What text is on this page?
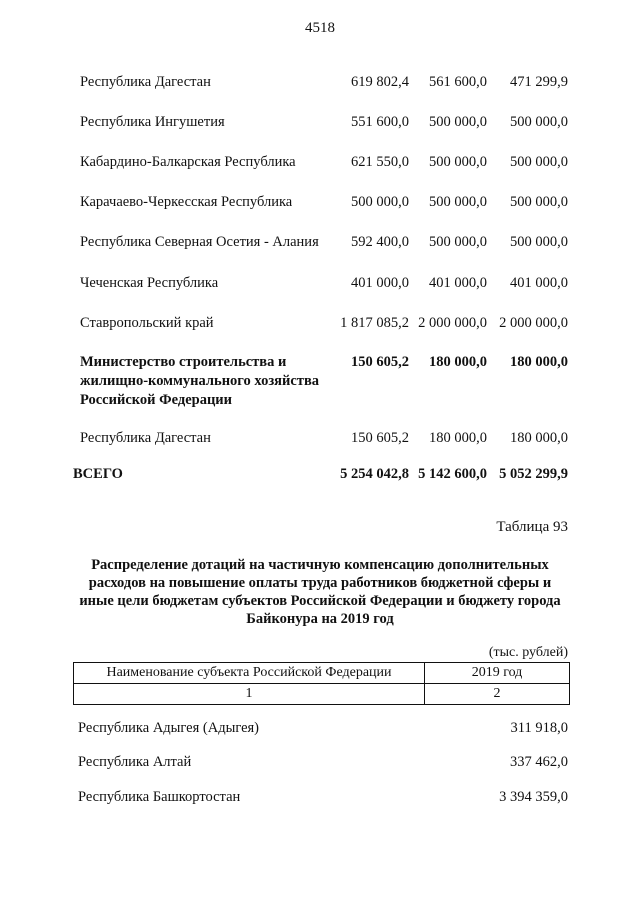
4518
Республика Дагестан	619 802,4 561 600,0 471 299,9
Республика Ингушетия	551 600,0 500 000,0 500 000,0
Кабардино-Балкарская Республика	621 550,0 500 000,0 500 000,0
Карачаево-Черкесская Республика	500 000,0 500 000,0 500 000,0
Республика Северная Осетия - Алания	592 400,0 500 000,0 500 000,0
Чеченская Республика	401 000,0 401 000,0 401 000,0
Ставропольский край	1 817 085,2 2 000 000,0 2 000 000,0
Министерство строительства и жилищно-коммунального хозяйства Российской Федерации
150 605,2 180 000,0 180 000,0
Республика Дагестан	150 605,2 180 000,0 180 000,0
ВСЕГО	5 254 042,8 5 142 600,0 5 052 299,9
Таблица 93
Распределение дотаций на частичную компенсацию дополнительных расходов на повышение оплаты труда работников бюджетной сферы и иные цели бюджетам субъектов Российской Федерации и бюджету города Байконура на 2019 год
(тыс. рублей)
Наименование субъекта Российской Федерации	2019 год
1	2
Республика Адыгея (Адыгея)	311 918,0
Республика Алтай	337 462,0
Республика Башкортостан	3 394 359,0
